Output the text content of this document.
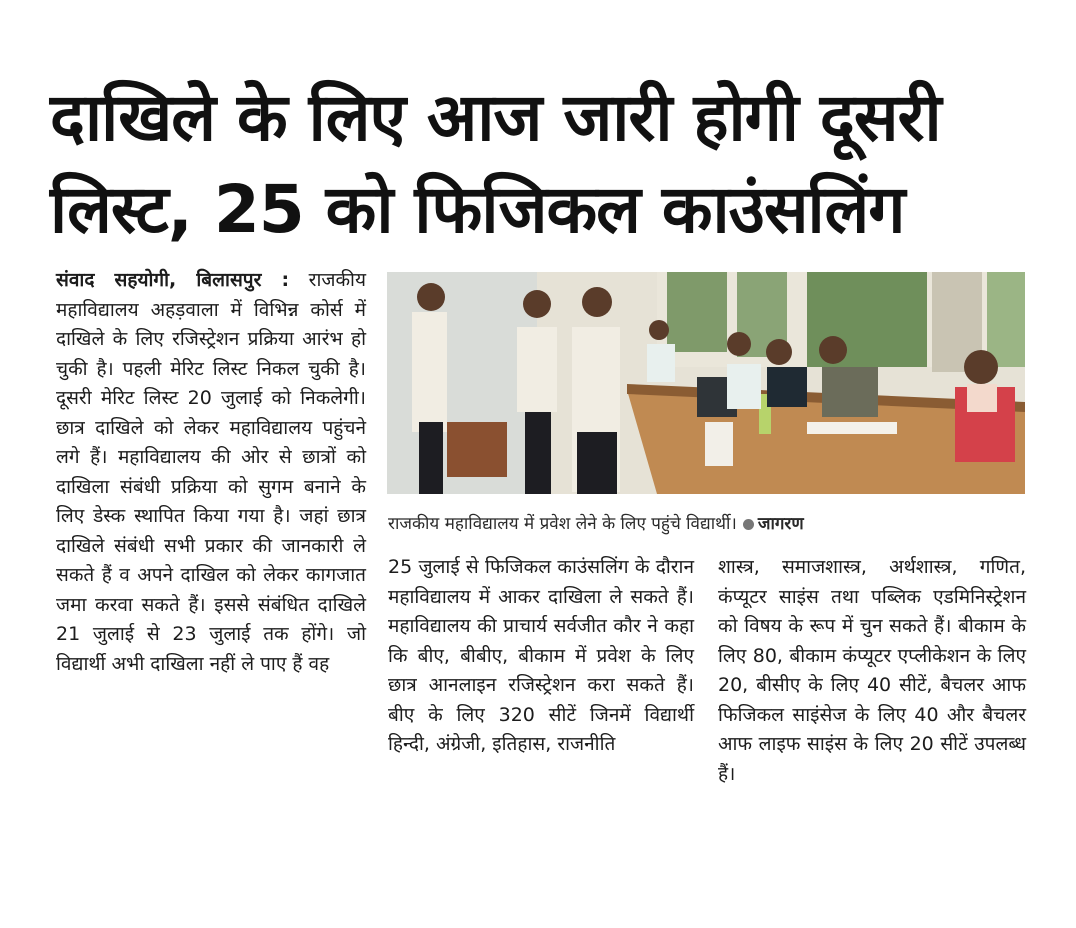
दाखिले के लिए आज जारी होगी दूसरी लिस्ट, 25 को फिजिकल काउंसलिंग
संवाद सहयोगी, बिलासपुर : राजकीय महाविद्यालय अहड़वाला में विभिन्न कोर्स में दाखिले के लिए रजिस्ट्रेशन प्रक्रिया आरंभ हो चुकी है। पहली मेरिट लिस्ट निकल चुकी है। दूसरी मेरिट लिस्ट 20 जुलाई को निकलेगी। छात्र दाखिले को लेकर महाविद्यालय पहुंचने लगे हैं। महाविद्यालय की ओर से छात्रों को दाखिला संबंधी प्रक्रिया को सुगम बनाने के लिए डेस्क स्थापित किया गया है। जहां छात्र दाखिले संबंधी सभी प्रकार की जानकारी ले सकते हैं व अपने दाखिल को लेकर कागजात जमा करवा सकते हैं। इससे संबंधित दाखिले 21 जुलाई से 23 जुलाई तक होंगे। जो विद्यार्थी अभी दाखिला नहीं ले पाए हैं वह
राजकीय महाविद्यालय में प्रवेश लेने के लिए पहुंचे विद्यार्थी। जागरण
25 जुलाई से फिजिकल काउंसलिंग के दौरान महाविद्यालय में आकर दाखिला ले सकते हैं। महाविद्यालय की प्राचार्य सर्वजीत कौर ने कहा कि बीए, बीबीए, बीकाम में प्रवेश के लिए छात्र आनलाइन रजिस्ट्रेशन करा सकते हैं। बीए के लिए 320 सीटें जिनमें विद्यार्थी हिन्दी, अंग्रेजी, इतिहास, राजनीति
शास्त्र, समाजशास्त्र, अर्थशास्त्र, गणित, कंप्यूटर साइंस तथा पब्लिक एडमिनिस्ट्रेशन को विषय के रूप में चुन सकते हैं। बीकाम के लिए 80, बीकाम कंप्यूटर एप्लीकेशन के लिए 20, बीसीए के लिए 40 सीटें, बैचलर आफ फिजिकल साइंसेज के लिए 40 और बैचलर आफ लाइफ साइंस के लिए 20 सीटें उपलब्ध हैं।
